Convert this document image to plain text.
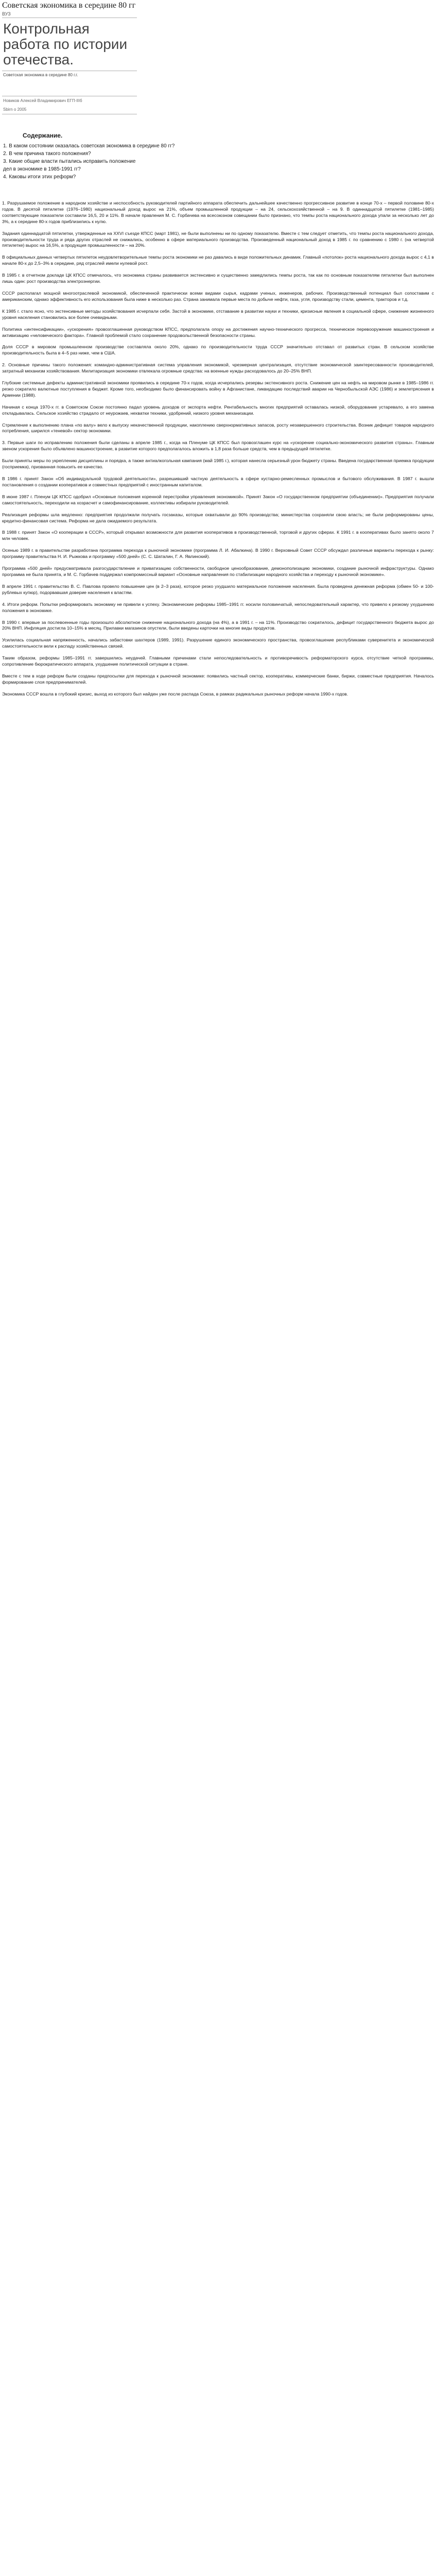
Советская экономика в середине 80 гг
ВУЗ
Контрольная работа по истории отечества.
Советская экономика в середине 80 г.г.
Новиков Алексей Владимирович ЕГП-IIIб
Sbirn о 2005
Содержание.
1. В каком состоянии оказалась советская экономика в середине 80 гг?
2. В чем причина такого положения?
3. Какие общие власти пытались исправить положение
дел в экономике в 1985-1991 гг?
4. Каковы итоги этих реформ?

1. Разрушаемое положение в народном хозяйстве и неспособность руководителей партийного аппарата обеспечить дальнейшее качественно прогрессивное развитие в конце 70-х – первой половине 80-х годов. В десятой пятилетке (1976–1980) национальный доход вырос на 21%, объем промышленной продукции – на 24, сельскохозяйственной – на 9. В одиннадцатой пятилетке (1981–1985) соответствующие показатели составили 16,5, 20 и 11%. В начале правления М. С. Горбачева на всесоюзном совещании было признано, что темпы роста национального дохода упали за несколько лет до 3%, а к середине 80-х годов приблизились к нулю.

Задания одиннадцатой пятилетки, утвержденные на XXVI съезде КПСС (март 1981), не были выполнены ни по одному показателю. Вместе с тем следует отметить, что темпы роста национального дохода, производительности труда и ряда других отраслей не снижались, особенно в сфере материального производства. Произведенный национальный доход в 1985 г. по сравнению с 1980 г. (на четвертой пятилетке) вырос на 16,5%, а продукция промышленности – на 20%.

В официальных данных четвертых пятилеток неудовлетворительные темпы роста экономики не раз давались в виде положительных динамик. Главный «потолок» роста национального дохода вырос с 4,1 в начале 80-х до 2,5–3% в середине, ряд отраслей имели нулевой рост.

В 1985 г. в отчетном докладе ЦК КПСС отмечалось, что экономика страны развивается экстенсивно и существенно замедлились темпы роста, так как по основным показателям пятилетки был выполнен лишь один: рост производства электроэнергии.

СССР располагал мощной многоотраслевой экономикой, обеспеченной практически всеми видами сырья, кадрами ученых, инженеров, рабочих. Производственный потенциал был сопоставим с американским, однако эффективность его использования была ниже в несколько раз. Страна занимала первые места по добыче нефти, газа, угля, производству стали, цемента, тракторов и т.д.

К 1985 г. стало ясно, что экстенсивные методы хозяйствования исчерпали себя. Застой в экономике, отставание в развитии науки и техники, кризисные явления в социальной сфере, снижение жизненного уровня населения становились все более очевидными.

Политика «интенсификации», «ускорения» провозглашенная руководством КПСС, предполагала опору на достижения научно-технического прогресса, техническое перевооружение машиностроения и активизацию «человеческого фактора». Главной проблемой стало сохранение продовольственной безопасности страны.

Доля СССР в мировом промышленном производстве составляла около 20%, однако по производительности труда СССР значительно отставал от развитых стран. В сельском хозяйстве производительность была в 4–5 раз ниже, чем в США.

2. Основные причины такого положения: командно-административная система управления экономикой, чрезмерная централизация, отсутствие экономической заинтересованности производителей, затратный механизм хозяйствования. Милитаризация экономики отвлекала огромные средства: на военные нужды расходовалось до 20–25% ВНП.

Глубокие системные дефекты административной экономики проявились в середине 70-х годов, когда исчерпались резервы экстенсивного роста. Снижение цен на нефть на мировом рынке в 1985–1986 гг. резко сократило валютные поступления в бюджет. Кроме того, необходимо было финансировать войну в Афганистане, ликвидацию последствий аварии на Чернобыльской АЭС (1986) и землетрясения в Армении (1988).

Начиная с конца 1970-х гг. в Советском Союзе постоянно падал уровень доходов от экспорта нефти. Рентабельность многих предприятий оставалась низкой, оборудование устаревало, а его замена откладывалась. Сельское хозяйство страдало от неурожаев, нехватки техники, удобрений, низкого уровня механизации.

Стремление к выполнению плана «по валу» вело к выпуску некачественной продукции, накоплению сверхнормативных запасов, росту незавершенного строительства. Возник дефицит товаров народного потребления, ширился «теневой» сектор экономики.

3. Первые шаги по исправлению положения были сделаны в апреле 1985 г., когда на Пленуме ЦК КПСС был провозглашен курс на «ускорение социально-экономического развития страны». Главным звеном ускорения было объявлено машиностроение, в развитие которого предполагалось вложить в 1,8 раза больше средств, чем в предыдущей пятилетке.

Были приняты меры по укреплению дисциплины и порядка, а также антиалкогольная кампания (май 1985 г.), которая нанесла серьезный урон бюджету страны. Введена государственная приемка продукции (госприемка), призванная повысить ее качество.

В 1986 г. принят Закон «Об индивидуальной трудовой деятельности», разрешивший частную деятельность в сфере кустарно-ремесленных промыслов и бытового обслуживания. В 1987 г. вышли постановления о создании кооперативов и совместных предприятий с иностранным капиталом.

В июне 1987 г. Пленум ЦК КПСС одобрил «Основные положения коренной перестройки управления экономикой». Принят Закон «О государственном предприятии (объединении)». Предприятия получали самостоятельность, переходили на хозрасчет и самофинансирование, коллективы избирали руководителей.

Реализация реформы шла медленно: предприятия продолжали получать госзаказы, которые охватывали до 90% производства; министерства сохраняли свою власть; не были реформированы цены, кредитно-финансовая система. Реформа не дала ожидаемого результата.

В 1988 г. принят Закон «О кооперации в СССР», который открывал возможности для развития кооперативов в производственной, торговой и других сферах. К 1991 г. в кооперативах было занято около 7 млн человек.

Осенью 1989 г. в правительстве разработана программа перехода к рыночной экономике (программа Л. И. Абалкина). В 1990 г. Верховный Совет СССР обсуждал различные варианты перехода к рынку: программу правительства Н. И. Рыжкова и программу «500 дней» (С. С. Шаталин, Г. А. Явлинский).

Программа «500 дней» предусматривала разгосударствление и приватизацию собственности, свободное ценообразование, демонополизацию экономики, создание рыночной инфраструктуры. Однако программа не была принята, и М. С. Горбачев поддержал компромиссный вариант «Основные направления по стабилизации народного хозяйства и переходу к рыночной экономике».

В апреле 1991 г. правительство В. С. Павлова провело повышение цен (в 2–3 раза), которое резко ухудшило материальное положение населения. Была проведена денежная реформа (обмен 50- и 100-рублевых купюр), подорвавшая доверие населения к властям.

4. Итоги реформ. Попытки реформировать экономику не привели к успеху. Экономические реформы 1985–1991 гг. носили половинчатый, непоследовательный характер, что привело к резкому ухудшению положения в экономике.

В 1990 г. впервые за послевоенные годы произошло абсолютное снижение национального дохода (на 4%), а в 1991 г. – на 11%. Производство сократилось, дефицит государственного бюджета вырос до 20% ВНП. Инфляция достигла 10–15% в месяц. Прилавки магазинов опустели, были введены карточки на многие виды продуктов.

Усилилась социальная напряженность, начались забастовки шахтеров (1989, 1991). Разрушение единого экономического пространства, провозглашение республиками суверенитета и экономической самостоятельности вели к распаду хозяйственных связей.

Таким образом, реформы 1985–1991 гг. завершились неудачей. Главными причинами стали непоследовательность и противоречивость реформаторского курса, отсутствие четкой программы, сопротивление бюрократического аппарата, ухудшение политической ситуации в стране.

Вместе с тем в ходе реформ были созданы предпосылки для перехода к рыночной экономике: появились частный сектор, кооперативы, коммерческие банки, биржи, совместные предприятия. Началось формирование слоя предпринимателей.

Экономика СССР вошла в глубокий кризис, выход из которого был найден уже после распада Союза, в рамках радикальных рыночных реформ начала 1990-х годов.
